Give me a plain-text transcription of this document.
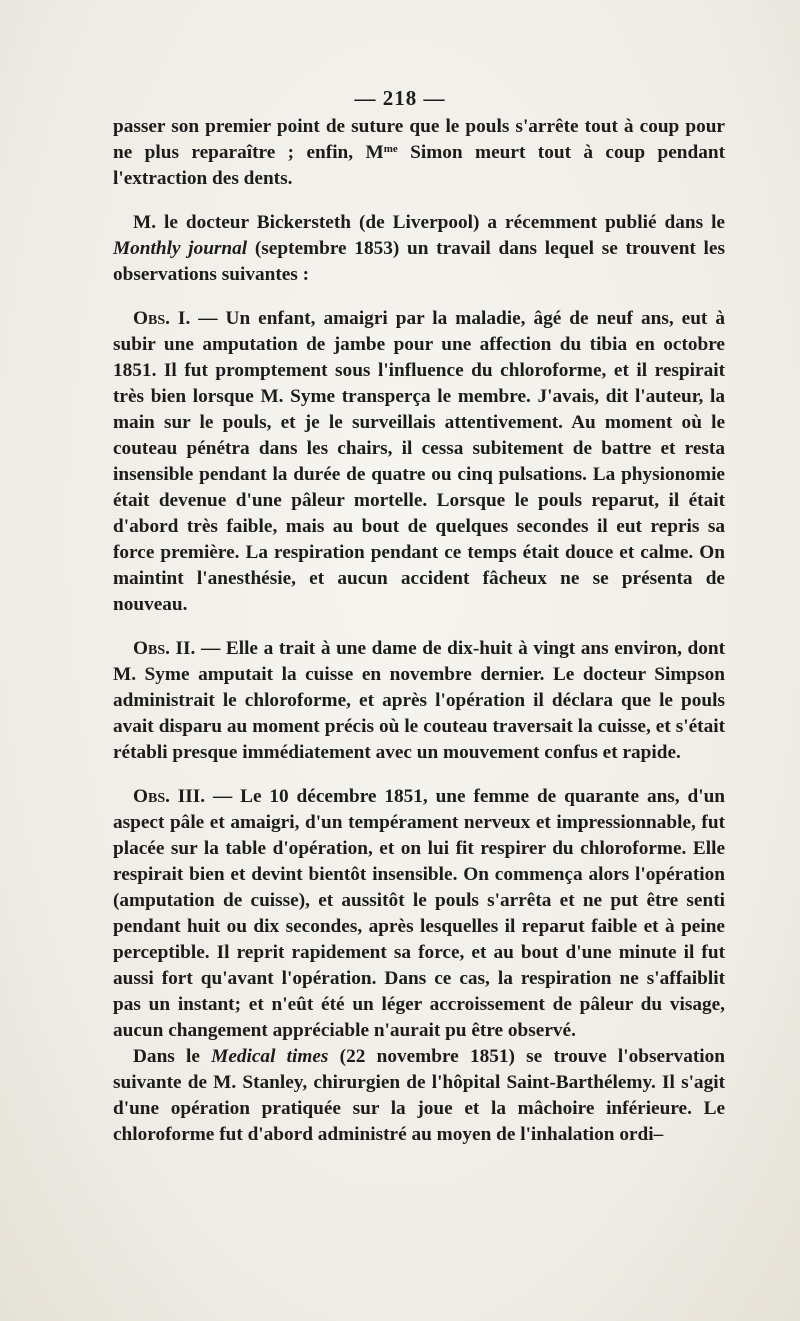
— 218 —

passer son premier point de suture que le pouls s'arrête tout à coup pour ne plus reparaître ; enfin, $M^{me}$ Simon meurt tout à coup pendant l'extraction des dents.

M. le docteur Bickersteth (de Liverpool) a récemment publié dans le Monthly journal (septembre 1853) un travail dans lequel se trouvent les observations suivantes :

Obs. I. — Un enfant, amaigri par la maladie, âgé de neuf ans, eut à subir une amputation de jambe pour une affection du tibia en octobre 1851. Il fut promptement sous l'influence du chloroforme, et il respirait très bien lorsque M. Syme transperça le membre. J'avais, dit l'auteur, la main sur le pouls, et je le surveillais attentivement. Au moment où le couteau pénétra dans les chairs, il cessa subitement de battre et resta insensible pendant la durée de quatre ou cinq pulsations. La physionomie était devenue d'une pâleur mortelle. Lorsque le pouls reparut, il était d'abord très faible, mais au bout de quelques secondes il eut repris sa force première. La respiration pendant ce temps était douce et calme. On maintint l'anesthésie, et aucun accident fâcheux ne se présenta de nouveau.

Obs. II. — Elle a trait à une dame de dix-huit à vingt ans environ, dont M. Syme amputait la cuisse en novembre dernier. Le docteur Simpson administrait le chloroforme, et après l'opération il déclara que le pouls avait disparu au moment précis où le couteau traversait la cuisse, et s'était rétabli presque immédiatement avec un mouvement confus et rapide.

Obs. III. — Le 10 décembre 1851, une femme de quarante ans, d'un aspect pâle et amaigri, d'un tempérament nerveux et impressionnable, fut placée sur la table d'opération, et on lui fit respirer du chloroforme. Elle respirait bien et devint bientôt insensible. On commença alors l'opération (amputation de cuisse), et aussitôt le pouls s'arrêta et ne put être senti pendant huit ou dix secondes, après lesquelles il reparut faible et à peine perceptible. Il reprit rapidement sa force, et au bout d'une minute il fut aussi fort qu'avant l'opération. Dans ce cas, la respiration ne s'affaiblit pas un instant; et n'eût été un léger accroissement de pâleur du visage, aucun changement appréciable n'aurait pu être observé.

Dans le Medical times (22 novembre 1851) se trouve l'observation suivante de M. Stanley, chirurgien de l'hôpital Saint-Barthélemy. Il s'agit d'une opération pratiquée sur la joue et la mâchoire inférieure. Le chloroforme fut d'abord administré au moyen de l'inhalation ordi–
